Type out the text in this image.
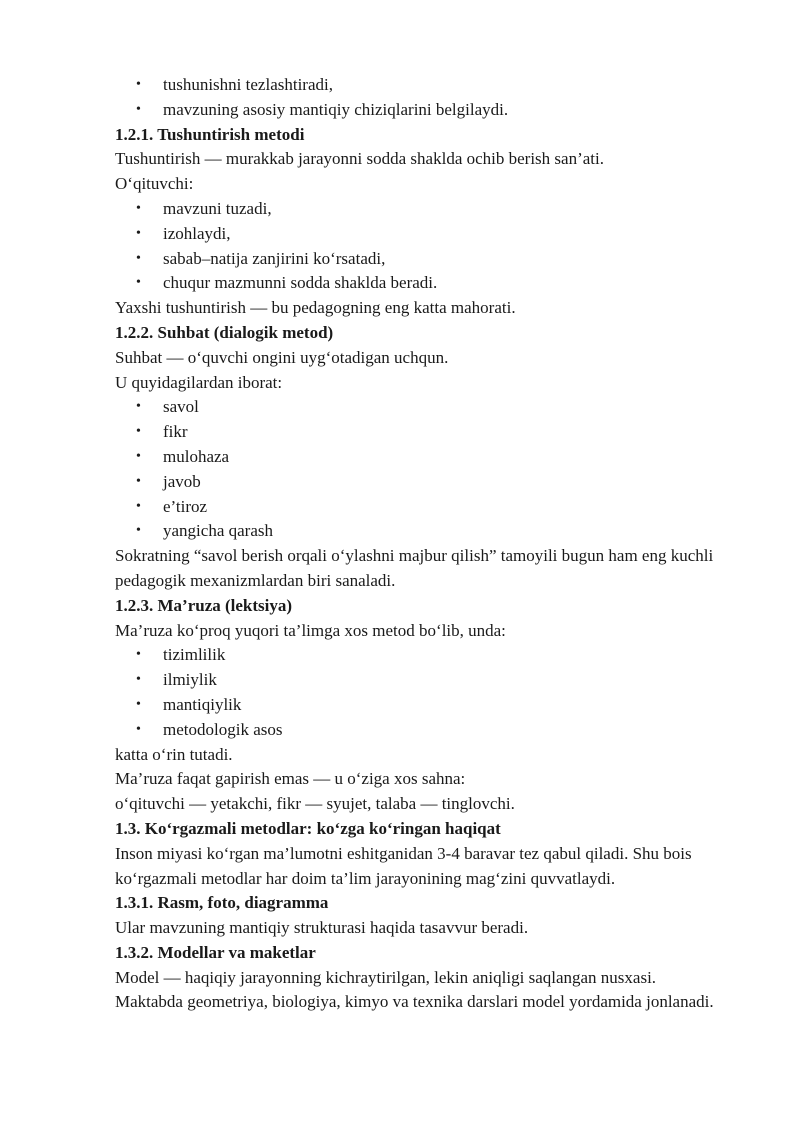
• tushunishni tezlashtiradi,
• mavzuning asosiy mantiqiy chiziqlarini belgilaydi.

1.2.1. Tushuntirish metodi

Tushuntirish — murakkab jarayonni sodda shaklda ochib berish san’ati.

O‘qituvchi:

• mavzuni tuzadi,
• izohlaydi,
• sabab–natija zanjirini ko‘rsatadi,
• chuqur mazmunni sodda shaklda beradi.

Yaxshi tushuntirish — bu pedagogning eng katta mahorati.

1.2.2. Suhbat (dialogik metod)

Suhbat — o‘quvchi ongini uyg‘otadigan uchqun.

U quyidagilardan iborat:

• savol
• fikr
• mulohaza
• javob
• e’tiroz
• yangicha qarash

Sokratning “savol berish orqali o‘ylashni majbur qilish” tamoyili bugun ham eng kuchli pedagogik mexanizmlardan biri sanaladi.

1.2.3. Ma’ruza (lektsiya)

Ma’ruza ko‘proq yuqori ta’limga xos metod bo‘lib, unda:

• tizimlilik
• ilmiylik
• mantiqiylik
• metodologik asos

katta o‘rin tutadi.

Ma’ruza faqat gapirish emas — u o‘ziga xos sahna:

o‘qituvchi — yetakchi, fikr — syujet, talaba — tinglovchi.

1.3. Ko‘rgazmali metodlar: ko‘zga ko‘ringan haqiqat

Inson miyasi ko‘rgan ma’lumotni eshitganidan 3-4 baravar tez qabul qiladi. Shu bois ko‘rgazmali metodlar har doim ta’lim jarayonining mag‘zini quvvatlaydi.

1.3.1. Rasm, foto, diagramma

Ular mavzuning mantiqiy strukturasi haqida tasavvur beradi.

1.3.2. Modellar va maketlar

Model — haqiqiy jarayonning kichraytirilgan, lekin aniqligi saqlangan nusxasi.

Maktabda geometriya, biologiya, kimyo va texnika darslari model yordamida jonlanadi.
